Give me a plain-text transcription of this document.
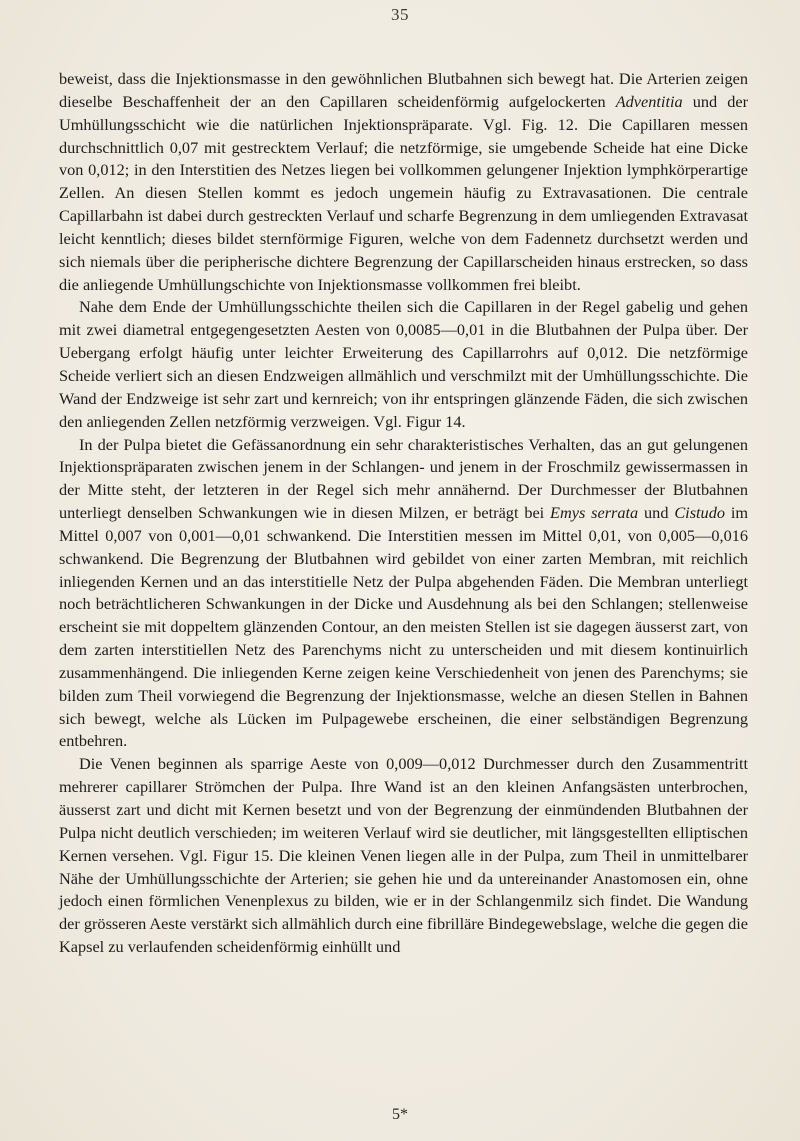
35

beweist, dass die Injektionsmasse in den gewöhnlichen Blutbahnen sich bewegt hat. Die Arterien zeigen dieselbe Beschaffenheit der an den Capillaren scheidenförmig aufgelockerten Adventitia und der Umhüllungsschicht wie die natürlichen Injektionspräparate. Vgl. Fig. 12. Die Capillaren messen durchschnittlich 0,07 mit gestrecktem Verlauf; die netzförmige, sie umgebende Scheide hat eine Dicke von 0,012; in den Interstitien des Netzes liegen bei vollkommen gelungener Injektion lymphkörperartige Zellen. An diesen Stellen kommt es jedoch ungemein häufig zu Extravasationen. Die centrale Capillarbahn ist dabei durch gestreckten Verlauf und scharfe Begrenzung in dem umliegenden Extravasat leicht kenntlich; dieses bildet sternförmige Figuren, welche von dem Fadennetz durchsetzt werden und sich niemals über die peripherische dichtere Begrenzung der Capillarscheiden hinaus erstrecken, so dass die anliegende Umhüllungschichte von Injektionsmasse vollkommen frei bleibt.

Nahe dem Ende der Umhüllungsschichte theilen sich die Capillaren in der Regel gabelig und gehen mit zwei diametral entgegengesetzten Aesten von 0,0085—0,01 in die Blutbahnen der Pulpa über. Der Uebergang erfolgt häufig unter leichter Erweiterung des Capillarrohrs auf 0,012. Die netzförmige Scheide verliert sich an diesen Endzweigen allmählich und verschmilzt mit der Umhüllungsschichte. Die Wand der Endzweige ist sehr zart und kernreich; von ihr entspringen glänzende Fäden, die sich zwischen den anliegenden Zellen netzförmig verzweigen. Vgl. Figur 14.

In der Pulpa bietet die Gefässanordnung ein sehr charakteristisches Verhalten, das an gut gelungenen Injektionspräparaten zwischen jenem in der Schlangen- und jenem in der Froschmilz gewissermassen in der Mitte steht, der letzteren in der Regel sich mehr annähernd. Der Durchmesser der Blutbahnen unterliegt denselben Schwankungen wie in diesen Milzen, er beträgt bei Emys serrata und Cistudo im Mittel 0,007 von 0,001—0,01 schwankend. Die Interstitien messen im Mittel 0,01, von 0,005—0,016 schwankend. Die Begrenzung der Blutbahnen wird gebildet von einer zarten Membran, mit reichlich inliegenden Kernen und an das interstitielle Netz der Pulpa abgehenden Fäden. Die Membran unterliegt noch beträchtlicheren Schwankungen in der Dicke und Ausdehnung als bei den Schlangen; stellenweise erscheint sie mit doppeltem glänzenden Contour, an den meisten Stellen ist sie dagegen äusserst zart, von dem zarten interstitiellen Netz des Parenchyms nicht zu unterscheiden und mit diesem kontinuirlich zusammenhängend. Die inliegenden Kerne zeigen keine Verschiedenheit von jenen des Parenchyms; sie bilden zum Theil vorwiegend die Begrenzung der Injektionsmasse, welche an diesen Stellen in Bahnen sich bewegt, welche als Lücken im Pulpagewebe erscheinen, die einer selbständigen Begrenzung entbehren.

Die Venen beginnen als sparrige Aeste von 0,009—0,012 Durchmesser durch den Zusammentritt mehrerer capillarer Strömchen der Pulpa. Ihre Wand ist an den kleinen Anfangsästen unterbrochen, äusserst zart und dicht mit Kernen besetzt und von der Begrenzung der einmündenden Blutbahnen der Pulpa nicht deutlich verschieden; im weiteren Verlauf wird sie deutlicher, mit längsgestellten elliptischen Kernen versehen. Vgl. Figur 15. Die kleinen Venen liegen alle in der Pulpa, zum Theil in unmittelbarer Nähe der Umhüllungsschichte der Arterien; sie gehen hie und da untereinander Anastomosen ein, ohne jedoch einen förmlichen Venenplexus zu bilden, wie er in der Schlangenmilz sich findet. Die Wandung der grösseren Aeste verstärkt sich allmählich durch eine fibrilläre Bindegewebslage, welche die gegen die Kapsel zu verlaufenden scheidenförmig einhüllt und

5*
